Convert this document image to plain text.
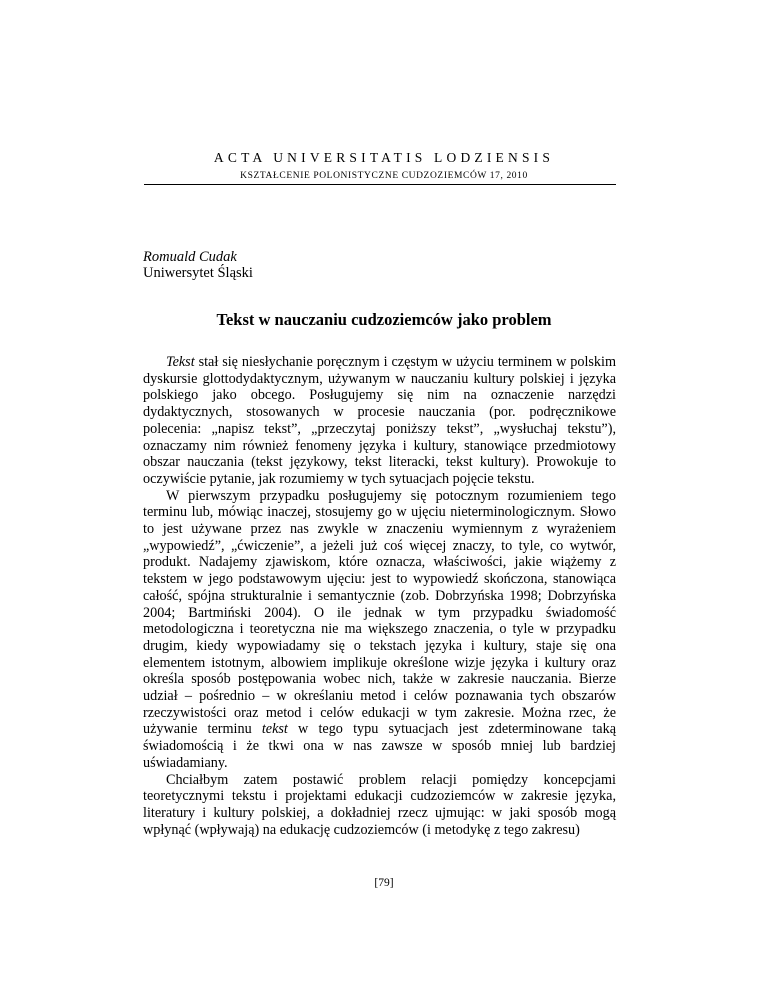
ACTA UNIVERSITATIS LODZIENSIS
KSZTAŁCENIE POLONISTYCZNE CUDZOZIEMCÓW 17, 2010
Romuald Cudak
Uniwersytet Śląski
Tekst w nauczaniu cudzoziemców jako problem

Tekst stał się niesłychanie poręcznym i częstym w użyciu terminem w polskim dyskursie glottodydaktycznym, używanym w nauczaniu kultury polskiej i języka polskiego jako obcego. Posługujemy się nim na oznaczenie narzędzi dydaktycznych, stosowanych w procesie nauczania (por. podręcznikowe polecenia: „napisz tekst”, „przeczytaj poniższy tekst”, „wysłuchaj tekstu”), oznaczamy nim również fenomeny języka i kultury, stanowiące przedmiotowy obszar nauczania (tekst językowy, tekst literacki, tekst kultury). Prowokuje to oczywiście pytanie, jak rozumiemy w tych sytuacjach pojęcie tekstu.

W pierwszym przypadku posługujemy się potocznym rozumieniem tego terminu lub, mówiąc inaczej, stosujemy go w ujęciu nieterminologicznym. Słowo to jest używane przez nas zwykle w znaczeniu wymiennym z wyrażeniem „wypowiedź”, „ćwiczenie”, a jeżeli już coś więcej znaczy, to tyle, co wytwór, produkt. Nadajemy zjawiskom, które oznacza, właściwości, jakie wiążemy z tekstem w jego podstawowym ujęciu: jest to wypowiedź skończona, stanowiąca całość, spójna strukturalnie i semantycznie (zob. Dobrzyńska 1998; Dobrzyńska 2004; Bartmiński 2004). O ile jednak w tym przypadku świadomość metodologiczna i teoretyczna nie ma większego znaczenia, o tyle w przypadku drugim, kiedy wypowiadamy się o tekstach języka i kultury, staje się ona elementem istotnym, albowiem implikuje określone wizje języka i kultury oraz określa sposób postępowania wobec nich, także w zakresie nauczania. Bierze udział – pośrednio – w określaniu metod i celów poznawania tych obszarów rzeczywistości oraz metod i celów edukacji w tym zakresie. Można rzec, że używanie terminu tekst w tego typu sytuacjach jest zdeterminowane taką świadomością i że tkwi ona w nas zawsze w sposób mniej lub bardziej uświadamiany.

Chciałbym zatem postawić problem relacji pomiędzy koncepcjami teoretycznymi tekstu i projektami edukacji cudzoziemców w zakresie języka, literatury i kultury polskiej, a dokładniej rzecz ujmując: w jaki sposób mogą wpłynąć (wpływają) na edukację cudzoziemców (i metodykę z tego zakresu)

[79]
